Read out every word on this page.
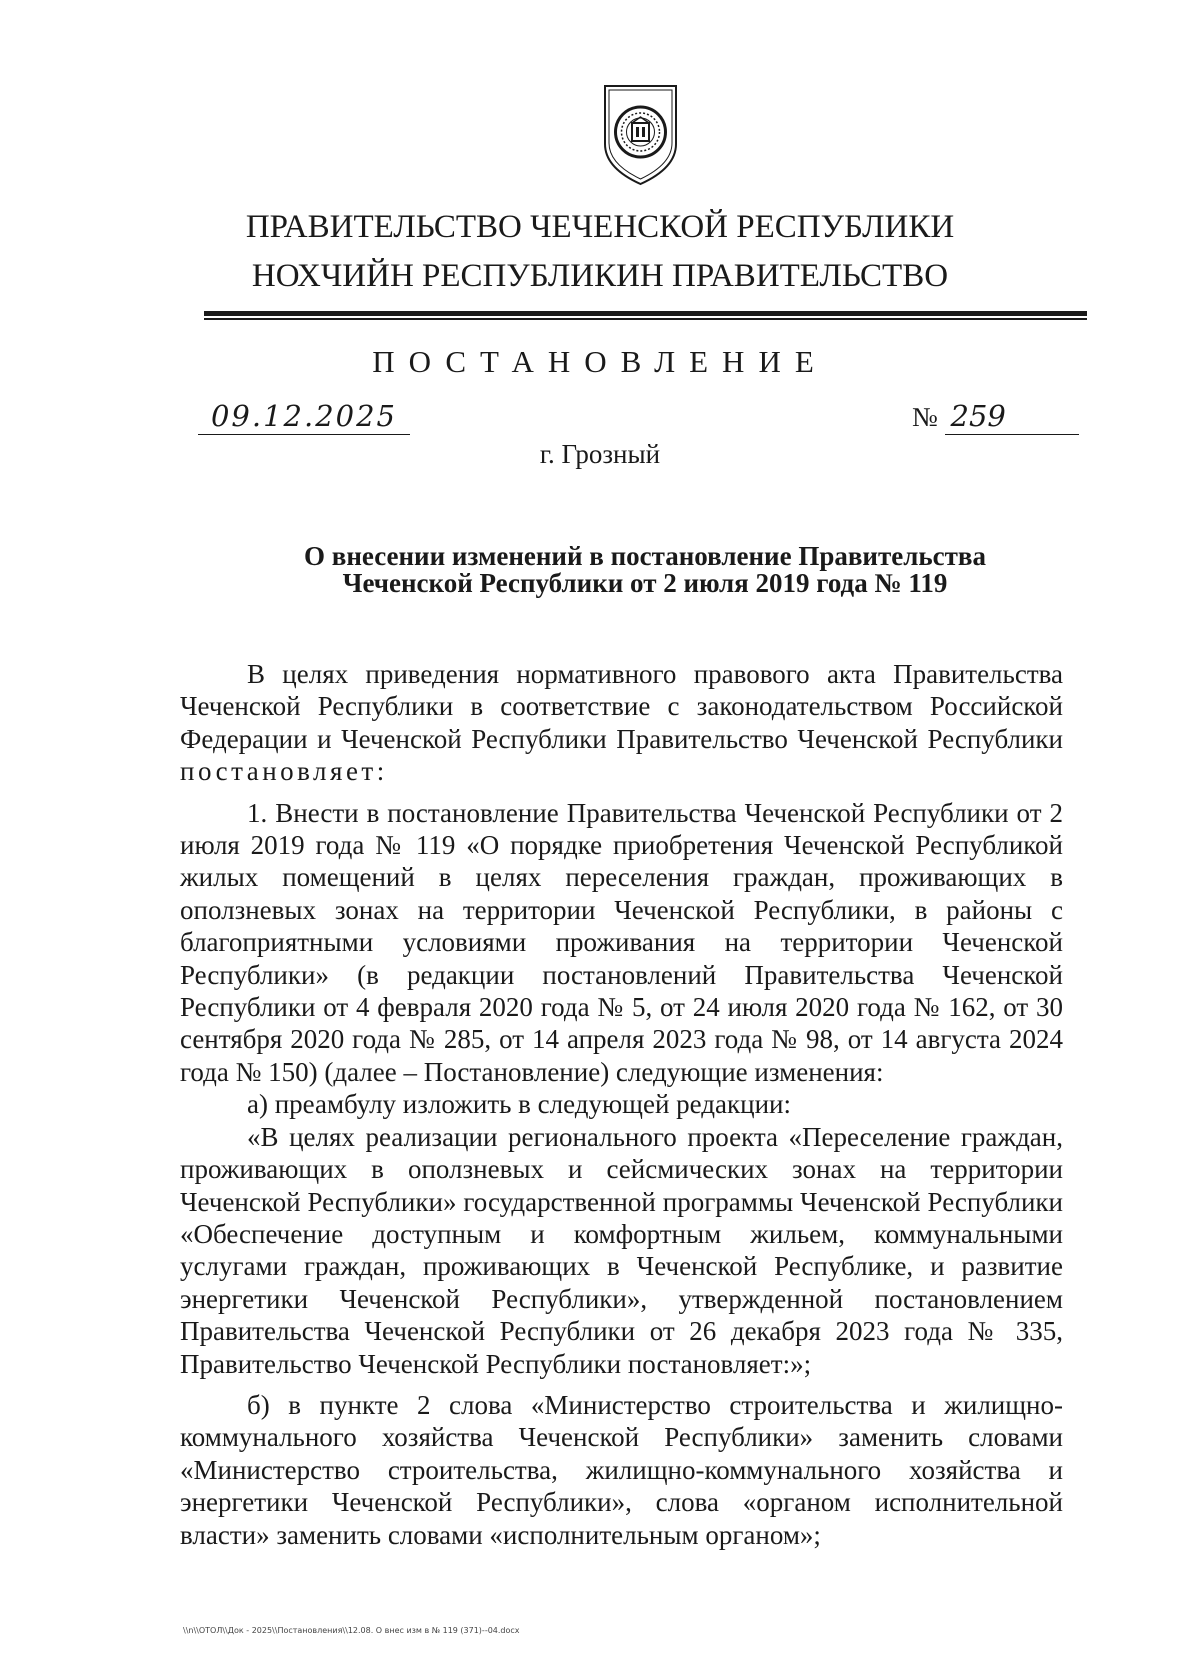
ПРАВИТЕЛЬСТВО ЧЕЧЕНСКОЙ РЕСПУБЛИКИ
НОХЧИЙН РЕСПУБЛИКИН ПРАВИТЕЛЬСТВО
ПОСТАНОВЛЕНИЕ
09.12.2025	№ 259
г. Грозный
О внесении изменений в постановление Правительства
Чеченской Республики от 2 июля 2019 года № 119

В целях приведения нормативного правового акта Правительства Чеченской Республики в соответствие с законодательством Российской Федерации и Чеченской Республики Правительство Чеченской Республики постановляет:

1. Внести в постановление Правительства Чеченской Республики от 2 июля 2019 года № 119 «О порядке приобретения Чеченской Республикой жилых помещений в целях переселения граждан, проживающих в оползневых зонах на территории Чеченской Республики, в районы с благоприятными условиями проживания на территории Чеченской Республики» (в редакции постановлений Правительства Чеченской Республики от 4 февраля 2020 года № 5, от 24 июля 2020 года № 162, от 30 сентября 2020 года № 285, от 14 апреля 2023 года № 98, от 14 августа 2024 года № 150) (далее – Постановление) следующие изменения:

а) преамбулу изложить в следующей редакции:

«В целях реализации регионального проекта «Переселение граждан, проживающих в оползневых и сейсмических зонах на территории Чеченской Республики» государственной программы Чеченской Республики «Обеспечение доступным и комфортным жильем, коммунальными услугами граждан, проживающих в Чеченской Республике, и развитие энергетики Чеченской Республики», утвержденной постановлением Правительства Чеченской Республики от 26 декабря 2023 года № 335, Правительство Чеченской Республики постановляет:»;

б) в пункте 2 слова «Министерство строительства и жилищно-коммунального хозяйства Чеченской Республики» заменить словами «Министерство строительства, жилищно-коммунального хозяйства и энергетики Чеченской Республики», слова «органом исполнительной власти» заменить словами «исполнительным органом»;

\\n\\ОТОЛ\\Док - 2025\\Постановления\\12.08. О внес изм в № 119 (371)--04.docx
